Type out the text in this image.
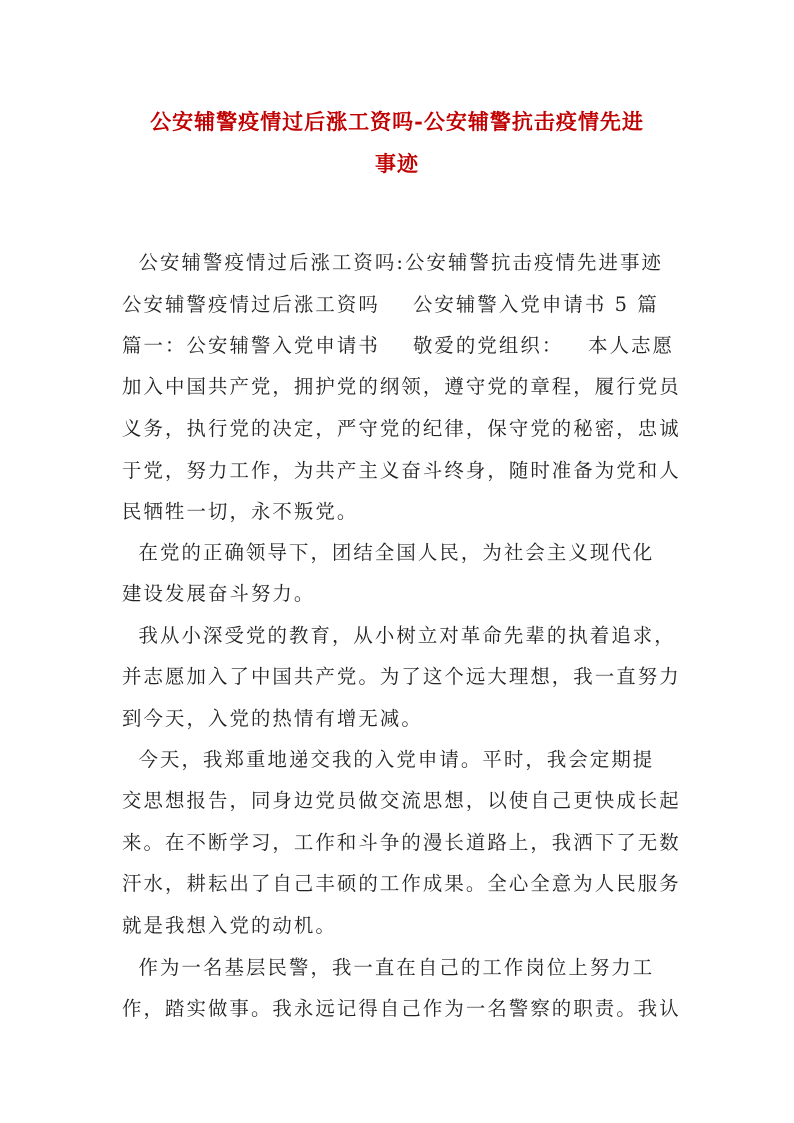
公安辅警疫情过后涨工资吗-公安辅警抗击疫情先进
事迹

公安辅警疫情过后涨工资吗:公安辅警抗击疫情先进事迹

公安辅警疫情过后涨工资吗    公安辅警入党申请书 5 篇

篇一：公安辅警入党申请书    敬爱的党组织：   本人志愿

加入中国共产党，拥护党的纲领，遵守党的章程，履行党员

义务，执行党的决定，严守党的纪律，保守党的秘密，忠诚

于党，努力工作，为共产主义奋斗终身，随时准备为党和人

民牺牲一切，永不叛党。

在党的正确领导下，团结全国人民，为社会主义现代化

建设发展奋斗努力。

我从小深受党的教育，从小树立对革命先辈的执着追求，

并志愿加入了中国共产党。为了这个远大理想，我一直努力

到今天，入党的热情有增无减。

今天，我郑重地递交我的入党申请。平时，我会定期提

交思想报告，同身边党员做交流思想，以使自己更快成长起

来。在不断学习，工作和斗争的漫长道路上，我洒下了无数

汗水，耕耘出了自己丰硕的工作成果。全心全意为人民服务

就是我想入党的动机。

作为一名基层民警，我一直在自己的工作岗位上努力工

作，踏实做事。我永远记得自己作为一名警察的职责。我认
